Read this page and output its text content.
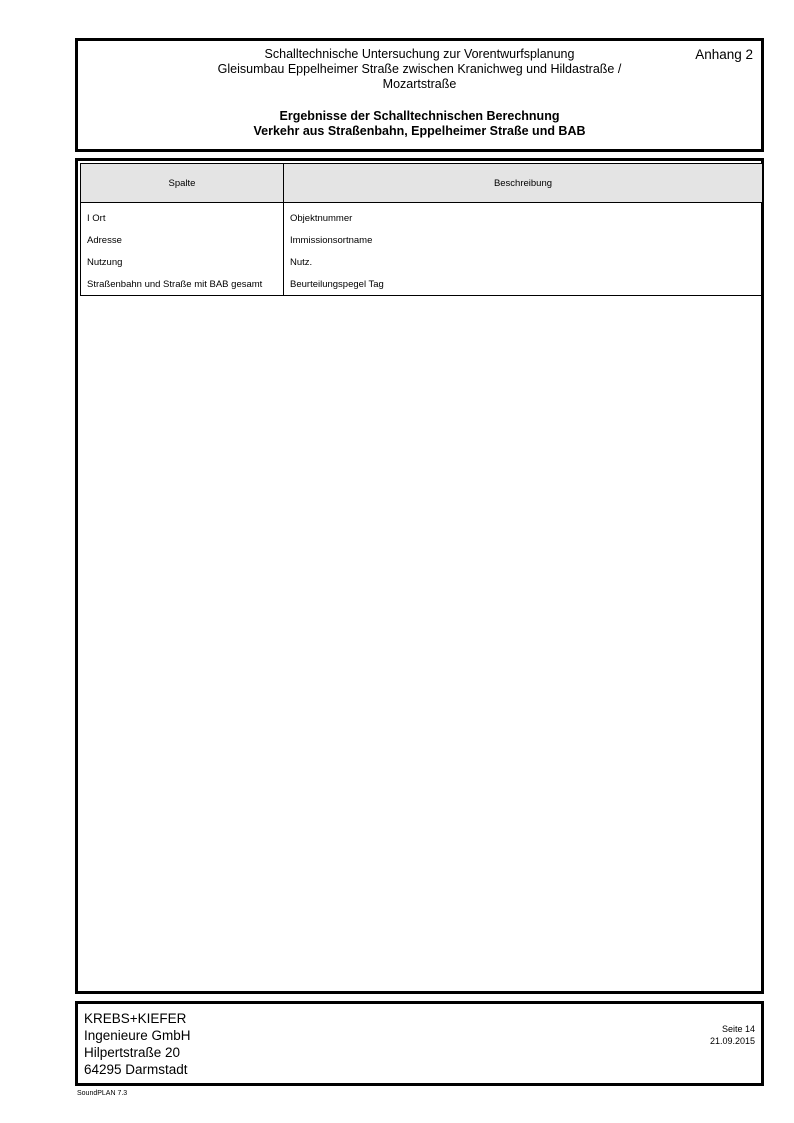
Schalltechnische Untersuchung zur Vorentwurfsplanung
Gleisumbau Eppelheimer Straße zwischen Kranichweg und Hildastraße /
Mozartstraße
Anhang 2
Ergebnisse der Schalltechnischen Berechnung
Verkehr aus Straßenbahn, Eppelheimer Straße und BAB
Spalte	Beschreibung
I Ort	Objektnummer
Adresse	Immissionsortname
Nutzung	Nutz.
Straßenbahn und Straße mit BAB gesamt	Beurteilungspegel Tag
KREBS+KIEFER
Ingenieure GmbH
Hilpertstraße 20
64295 Darmstadt
Seite 14
21.09.2015
SoundPLAN 7.3
